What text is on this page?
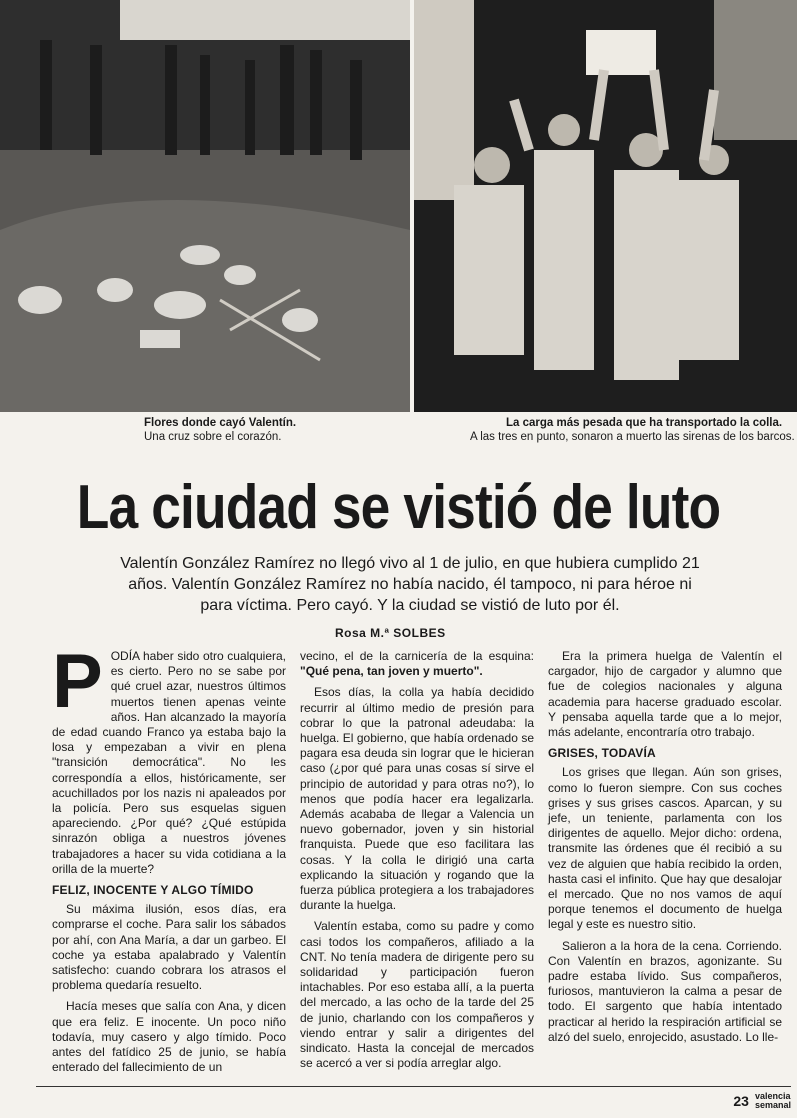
Flores donde cayó Valentín.
Una cruz sobre el corazón.
La carga más pesada que ha transportado la colla.
A las tres en punto, sonaron a muerto las sirenas de los barcos.
La ciudad se vistió de luto

Valentín González Ramírez no llegó vivo al 1 de julio, en que hubiera cumplido 21 años. Valentín González Ramírez no había nacido, él tampoco, ni para héroe ni para víctima. Pero cayó. Y la ciudad se vistió de luto por él.

Rosa M.ª SOLBES

PODÍA haber sido otro cualquiera, es cierto. Pero no se sabe por qué cruel azar, nuestros últimos muertos tienen apenas veinte años. Han alcanzado la mayoría de edad cuando Franco ya estaba bajo la losa y empezaban a vivir en plena "transición democrática". No les correspondía a ellos, históricamente, ser acuchillados por los nazis ni apaleados por la policía. Pero sus esquelas siguen apareciendo. ¿Por qué? ¿Qué estúpida sinrazón obliga a nuestros jóvenes trabajadores a hacer su vida cotidiana a la orilla de la muerte?

FELIZ, INOCENTE Y ALGO TÍMIDO

Su máxima ilusión, esos días, era comprarse el coche. Para salir los sábados por ahí, con Ana María, a dar un garbeo. El coche ya estaba apalabrado y Valentín satisfecho: cuando cobrara los atrasos el problema quedaría resuelto.

Hacía meses que salía con Ana, y dicen que era feliz. E inocente. Un poco niño todavía, muy casero y algo tímido. Poco antes del fatídico 25 de junio, se había enterado del fallecimiento de un

vecino, el de la carnicería de la esquina: "Qué pena, tan joven y muerto".

Esos días, la colla ya había decidido recurrir al último medio de presión para cobrar lo que la patronal adeudaba: la huelga. El gobierno, que había ordenado se pagara esa deuda sin lograr que le hicieran caso (¿por qué para unas cosas sí sirve el principio de autoridad y para otras no?), lo menos que podía hacer era legalizarla. Además acababa de llegar a Valencia un nuevo gobernador, joven y sin historial franquista. Puede que eso facilitara las cosas. Y la colla le dirigió una carta explicando la situación y rogando que la fuerza pública protegiera a los trabajadores durante la huelga.

Valentín estaba, como su padre y como casi todos los compañeros, afiliado a la CNT. No tenía madera de dirigente pero su solidaridad y participación fueron intachables. Por eso estaba allí, a la puerta del mercado, a las ocho de la tarde del 25 de junio, charlando con los compañeros y viendo entrar y salir a dirigentes del sindicato. Hasta la concejal de mercados se acercó a ver si podía arreglar algo.

Era la primera huelga de Valentín el cargador, hijo de cargador y alumno que fue de colegios nacionales y alguna academia para hacerse graduado escolar. Y pensaba aquella tarde que a lo mejor, más adelante, encontraría otro trabajo.

GRISES, TODAVÍA

Los grises que llegan. Aún son grises, como lo fueron siempre. Con sus coches grises y sus grises cascos. Aparcan, y su jefe, un teniente, parlamenta con los dirigentes de aquello. Mejor dicho: ordena, transmite las órdenes que él recibió a su vez de alguien que había recibido la orden, hasta casi el infinito. Que hay que desalojar el mercado. Que no nos vamos de aquí porque tenemos el documento de huelga legal y este es nuestro sitio.

Salieron a la hora de la cena. Corriendo. Con Valentín en brazos, agonizante. Su padre estaba lívido. Sus compañeros, furiosos, mantuvieron la calma a pesar de todo. El sargento que había intentado practicar al herido la respiración artificial se alzó del suelo, enrojecido, asustado. Lo lle-

23 valencia
semanal
